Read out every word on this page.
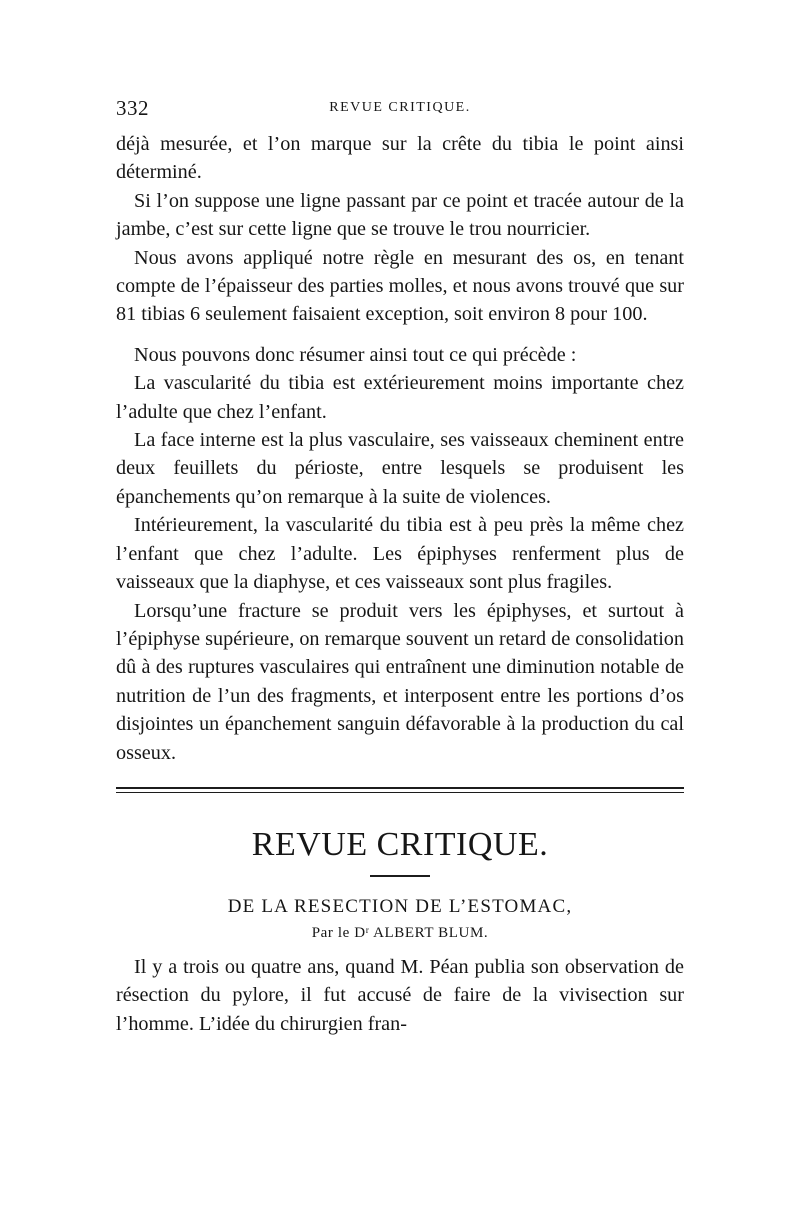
332	REVUE CRITIQUE.

déjà mesurée, et l’on marque sur la crête du tibia le point ainsi déterminé.

Si l’on suppose une ligne passant par ce point et tracée autour de la jambe, c’est sur cette ligne que se trouve le trou nourricier.

Nous avons appliqué notre règle en mesurant des os, en tenant compte de l’épaisseur des parties molles, et nous avons trouvé que sur 81 tibias 6 seulement faisaient exception, soit environ 8 pour 100.

Nous pouvons donc résumer ainsi tout ce qui précède :

La vascularité du tibia est extérieurement moins importante chez l’adulte que chez l’enfant.

La face interne est la plus vasculaire, ses vaisseaux cheminent entre deux feuillets du périoste, entre lesquels se produisent les épanchements qu’on remarque à la suite de violences.

Intérieurement, la vascularité du tibia est à peu près la même chez l’enfant que chez l’adulte. Les épiphyses renferment plus de vaisseaux que la diaphyse, et ces vaisseaux sont plus fragiles.

Lorsqu’une fracture se produit vers les épiphyses, et surtout à l’épiphyse supérieure, on remarque souvent un retard de consolidation dû à des ruptures vasculaires qui entraînent une diminution notable de nutrition de l’un des fragments, et interposent entre les portions d’os disjointes un épanchement sanguin défavorable à la production du cal osseux.

REVUE CRITIQUE.
DE LA RESECTION DE L’ESTOMAC,
Par le Dʳ ALBERT BLUM.

Il y a trois ou quatre ans, quand M. Péan publia son observation de résection du pylore, il fut accusé de faire de la vivisection sur l’homme. L’idée du chirurgien fran-
